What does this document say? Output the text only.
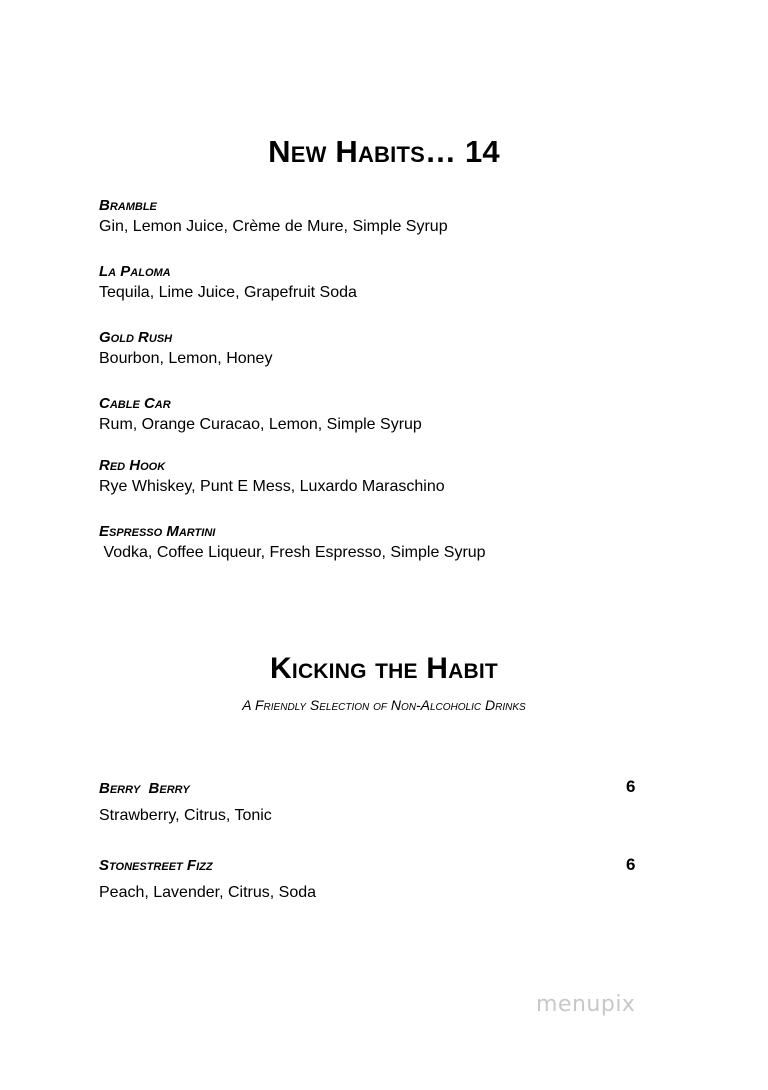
New Habits… 14
Bramble
Gin, Lemon Juice, Crème de Mure, Simple Syrup
La Paloma
Tequila, Lime Juice, Grapefruit Soda
Gold Rush
Bourbon, Lemon, Honey
Cable Car
Rum, Orange Curacao, Lemon, Simple Syrup
Red Hook
Rye Whiskey, Punt E Mess, Luxardo Maraschino
Espresso Martini
Vodka, Coffee Liqueur, Fresh Espresso, Simple Syrup
Kicking the Habit
A Friendly Selection of Non-Alcoholic Drinks
Berry  Berry
Strawberry, Citrus, Tonic
6
Stonestreet Fizz
Peach, Lavender, Citrus, Soda
6
menupix
